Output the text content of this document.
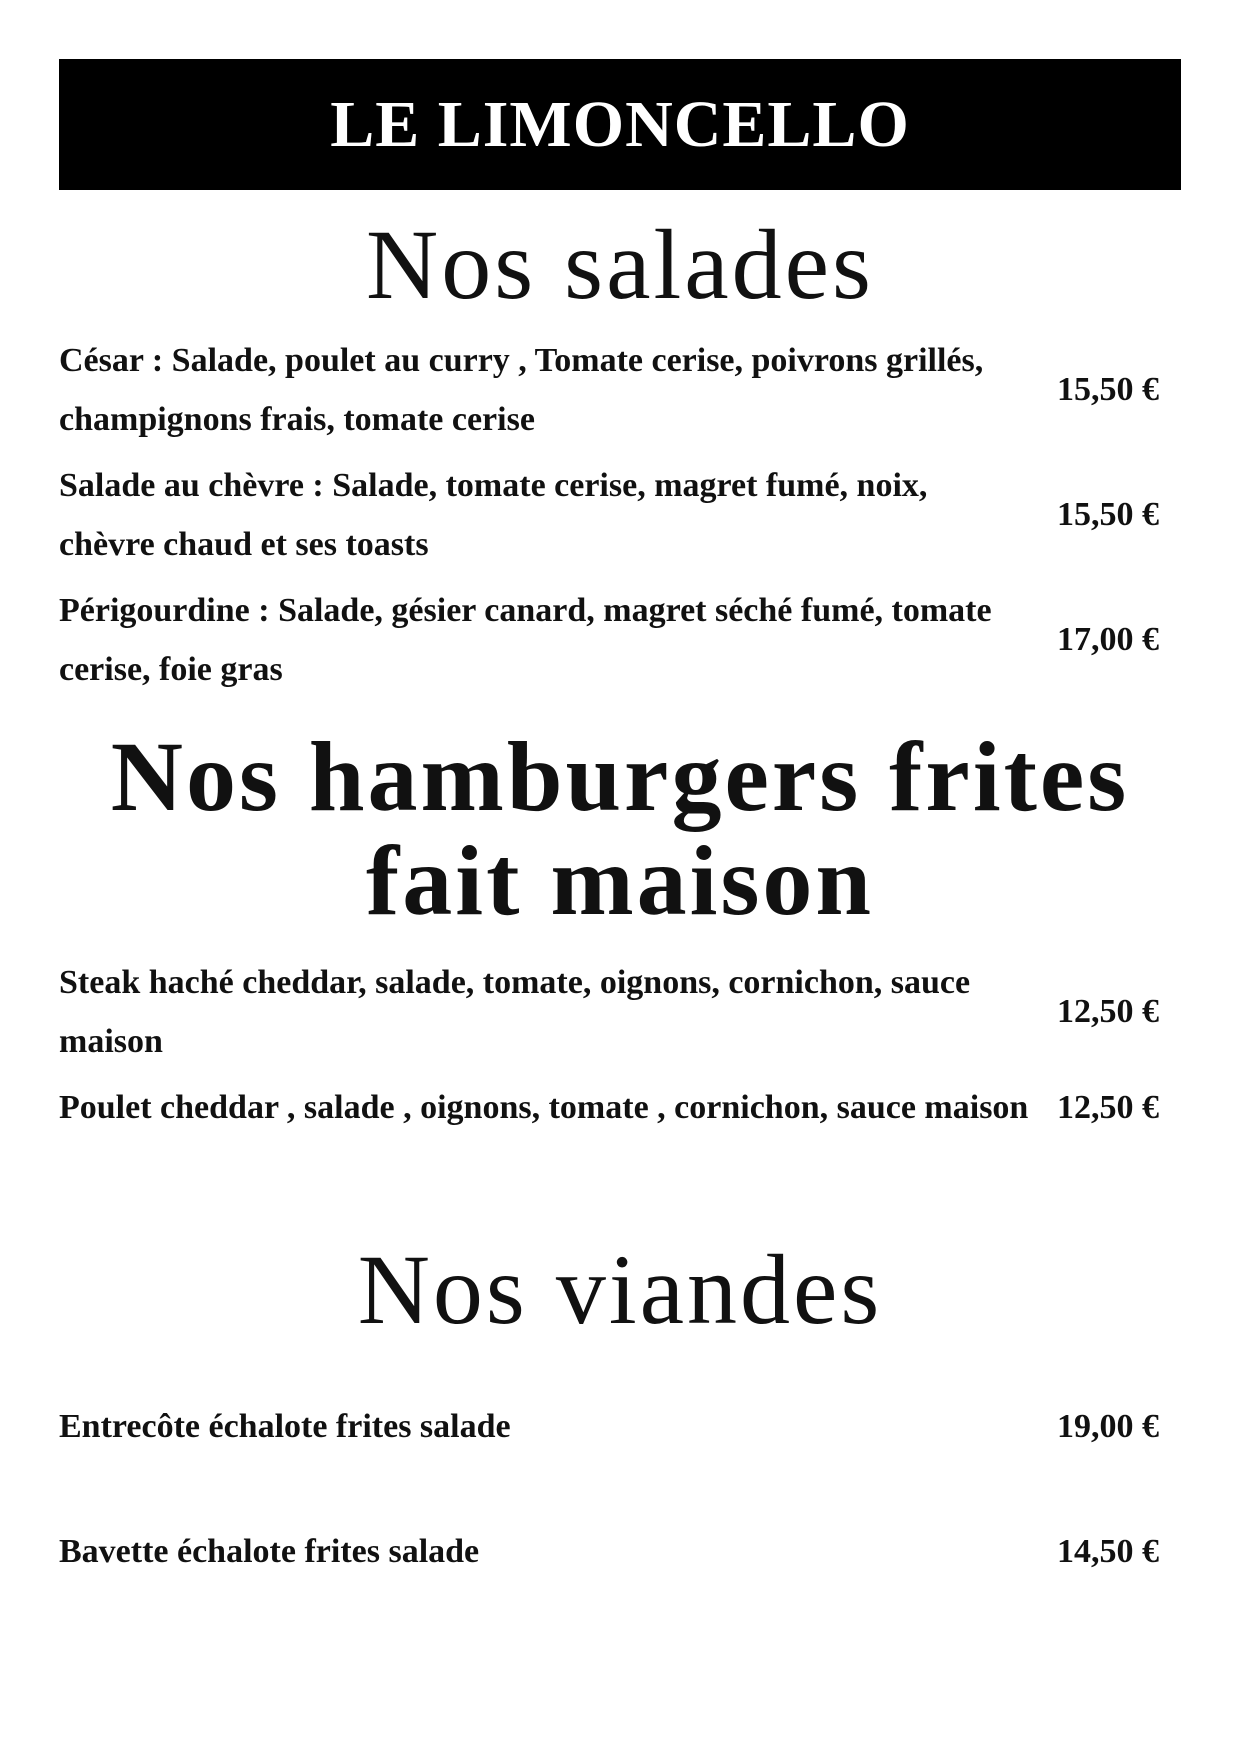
LE LIMONCELLO
Nos salades
César : Salade, poulet au curry , Tomate cerise, poivrons grillés, champignons frais, tomate cerise
15,50 €
Salade au chèvre : Salade, tomate cerise, magret fumé, noix, chèvre chaud et ses toasts
15,50 €
Périgourdine : Salade, gésier canard, magret séché fumé, tomate cerise, foie gras
17,00 €
Nos hamburgers frites
fait maison
Steak haché cheddar, salade, tomate, oignons, cornichon, sauce maison
12,50 €
Poulet cheddar , salade , oignons, tomate , cornichon, sauce maison 12,50 €
Nos viandes
Entrecôte échalote frites salade	19,00 €
Bavette échalote frites salade	14,50 €
